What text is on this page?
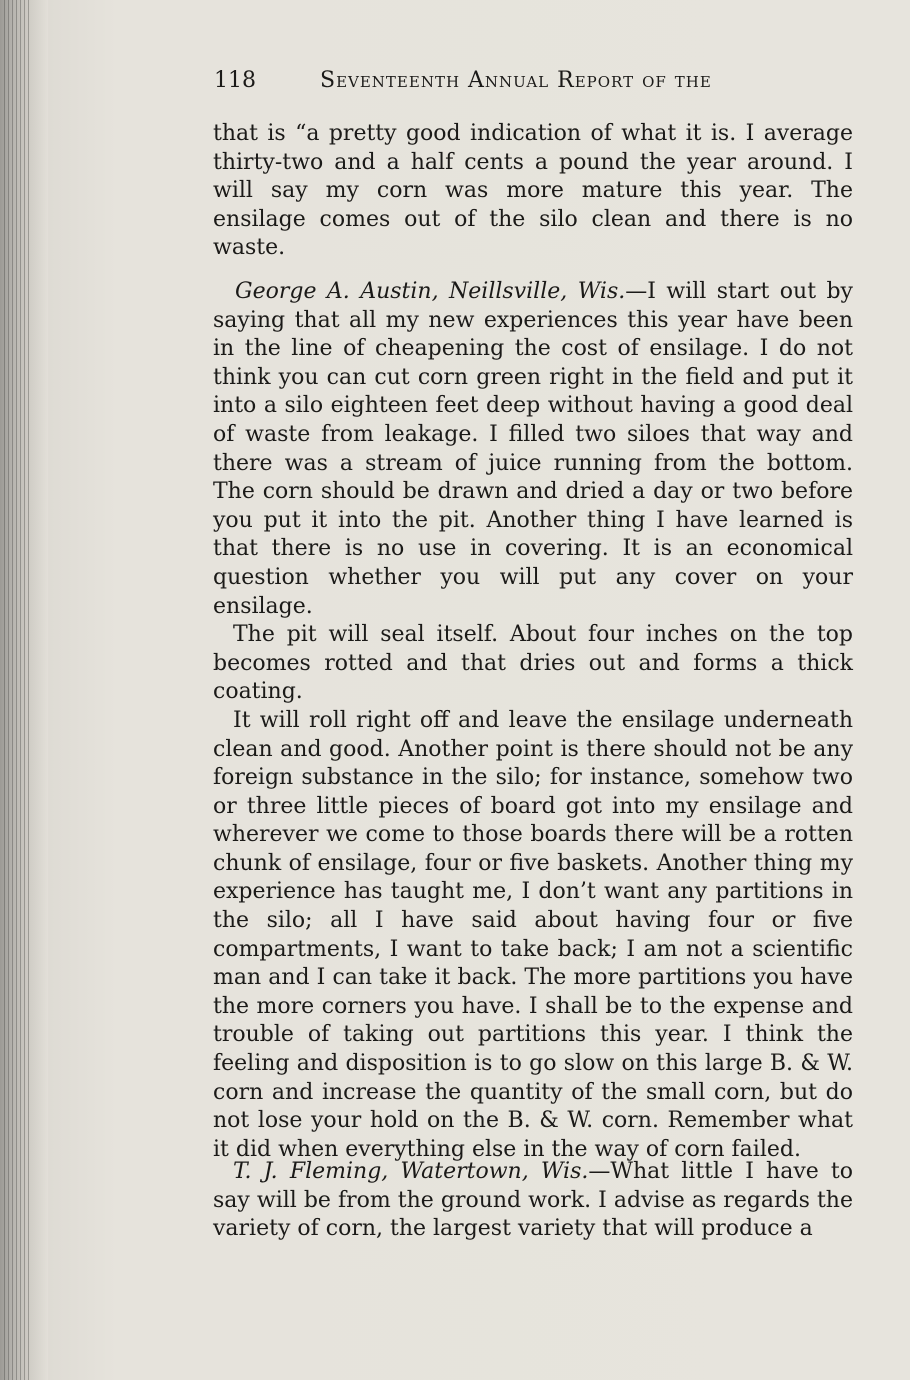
118	Seventeenth Annual Report of the

that is “a pretty good indication of what it is. I average thirty-two and a half cents a pound the year around. I will say my corn was more mature this year. The ensilage comes out of the silo clean and there is no waste.

George A. Austin, Neillsville, Wis.—I will start out by saying that all my new experiences this year have been in the line of cheapening the cost of ensilage. I do not think you can cut corn green right in the field and put it into a silo eighteen feet deep without having a good deal of waste from leakage. I filled two siloes that way and there was a stream of juice running from the bottom. The corn should be drawn and dried a day or two before you put it into the pit. Another thing I have learned is that there is no use in covering. It is an economical question whether you will put any cover on your ensilage.

The pit will seal itself. About four inches on the top becomes rotted and that dries out and forms a thick coating.

It will roll right off and leave the ensilage underneath clean and good. Another point is there should not be any foreign substance in the silo; for instance, somehow two or three little pieces of board got into my ensilage and wherever we come to those boards there will be a rotten chunk of ensilage, four or five baskets. Another thing my experience has taught me, I don’t want any partitions in the silo; all I have said about having four or five compartments, I want to take back; I am not a scientific man and I can take it back. The more partitions you have the more corners you have. I shall be to the expense and trouble of taking out partitions this year. I think the feeling and disposition is to go slow on this large B. & W. corn and increase the quantity of the small corn, but do not lose your hold on the B. & W. corn. Remember what it did when everything else in the way of corn failed.

T. J. Fleming, Watertown, Wis.—What little I have to say will be from the ground work. I advise as regards the variety of corn, the largest variety that will produce a
